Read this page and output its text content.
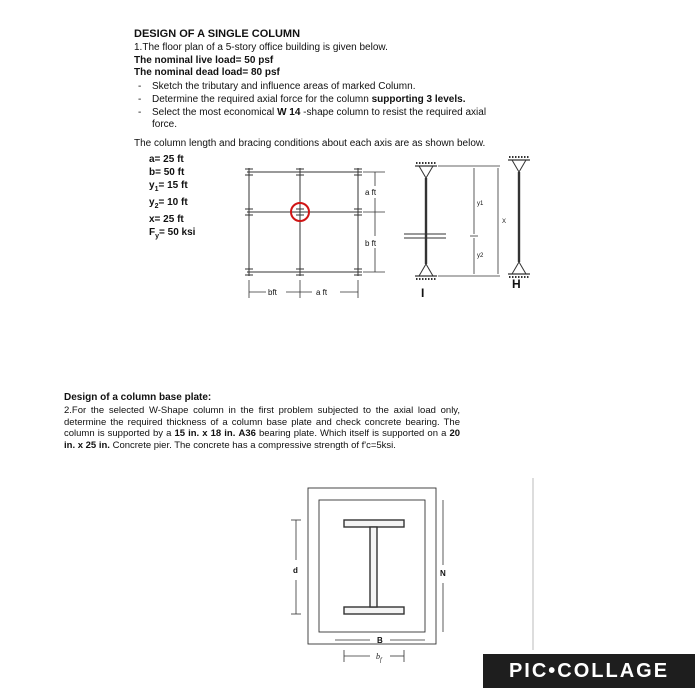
DESIGN OF A SINGLE COLUMN
1.The floor plan of a 5-story office building is given below.
The nominal live load= 50 psf
The nominal dead load= 80 psf
- Sketch the tributary and influence areas of marked Column.
- Determine the required axial force for the column supporting 3 levels.
- Select the most economical W 14 -shape column to resist the required axial
force.
The column length and bracing conditions about each axis are as shown below.
a= 25 ft
b= 50 ft
$y_1= 15$ ft
$y_2= 10$ ft
x= 25 ft
$F_y= 50$ ksi
a ft
b ft
bft	a ft
y1
y2
X
I
H
Design of a column base plate:
2.For the selected W-Shape column in the first problem subjected to the axial load only, determine the required thickness of a column base plate and check concrete bearing. The column is supported by a 15 in. x 18 in. A36 bearing plate. Which itself is supported on a 20 in. x 25 in. Concrete pier. The concrete has a compressive strength of f'c=5ksi.
d	N
B
$b_f$	PIC•COLLAGE
